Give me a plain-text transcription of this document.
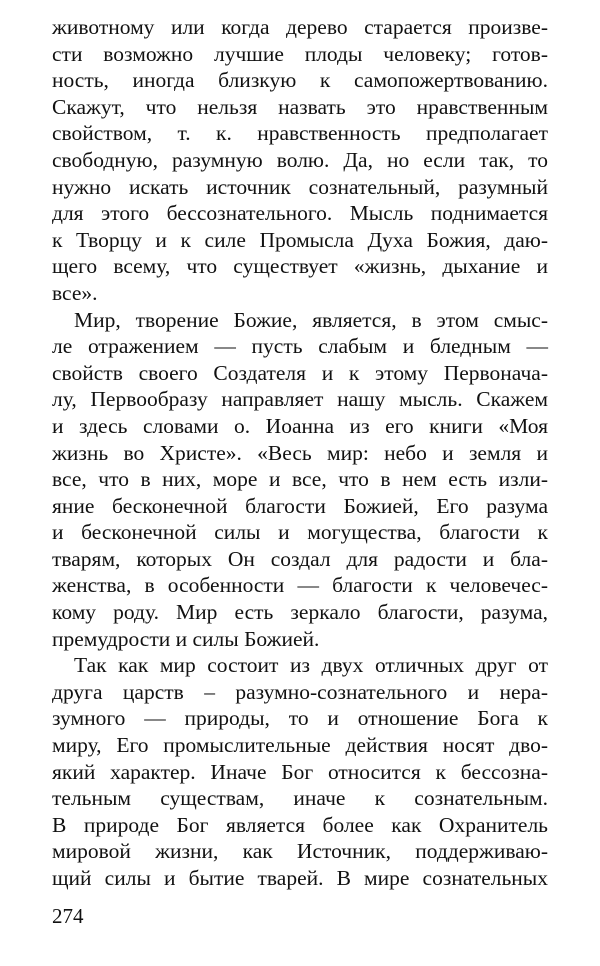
животному или когда дерево старается произве-
сти возможно лучшие плоды человеку; готов-
ность, иногда близкую к самопожертвованию.
Скажут, что нельзя назвать это нравственным
свойством, т. к. нравственность предполагает
свободную, разумную волю. Да, но если так, то
нужно искать источник сознательный, разумный
для этого бессознательного. Мысль поднимается
к Творцу и к силе Промысла Духа Божия, даю-
щего всему, что существует «жизнь, дыхание и
все».
Мир, творение Божие, является, в этом смыс-
ле отражением — пусть слабым и бледным —
свойств своего Создателя и к этому Первонача-
лу, Первообразу направляет нашу мысль. Скажем
и здесь словами о. Иоанна из его книги «Моя
жизнь во Христе». «Весь мир: небо и земля и
все, что в них, море и все, что в нем есть изли-
яние бесконечной благости Божией, Его разума
и бесконечной силы и могущества, благости к
тварям, которых Он создал для радости и бла-
женства, в особенности — благости к человечес-
кому роду. Мир есть зеркало благости, разума,
премудрости и силы Божией.
Так как мир состоит из двух отличных друг от
друга царств – разумно-сознательного и нера-
зумного — природы, то и отношение Бога к
миру, Его промыслительные действия носят дво-
який характер. Иначе Бог относится к бессозна-
тельным существам, иначе к сознательным.
В природе Бог является более как Охранитель
мировой жизни, как Источник, поддерживаю-
щий силы и бытие тварей. В мире сознательных
274
